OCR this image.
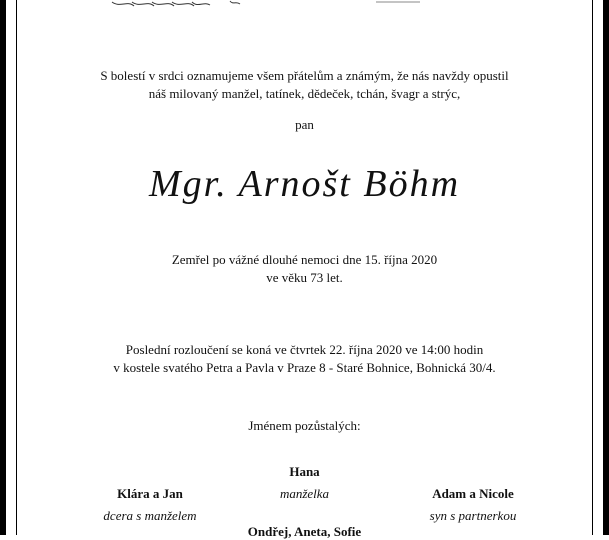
S bolestí v srdci oznamujeme všem přátelům a známým, že nás navždy opustil
náš milovaný manžel, tatínek, dědeček, tchán, švagr a strýc,
pan
Mgr. Arnošt Böhm
Zemřel po vážné dlouhé nemoci dne 15. října 2020
ve věku 73 let.
Poslední rozloučení se koná ve čtvrtek 22. října 2020 ve 14:00 hodin
v kostele svatého Petra a Pavla v Praze 8 - Staré Bohnice, Bohnická 30/4.
Jménem pozůstalých:
Hana
manželka
Klára a Jan
dcera s manželem
Adam a Nicole
syn s partnerkou
Ondřej, Aneta, Sofie
